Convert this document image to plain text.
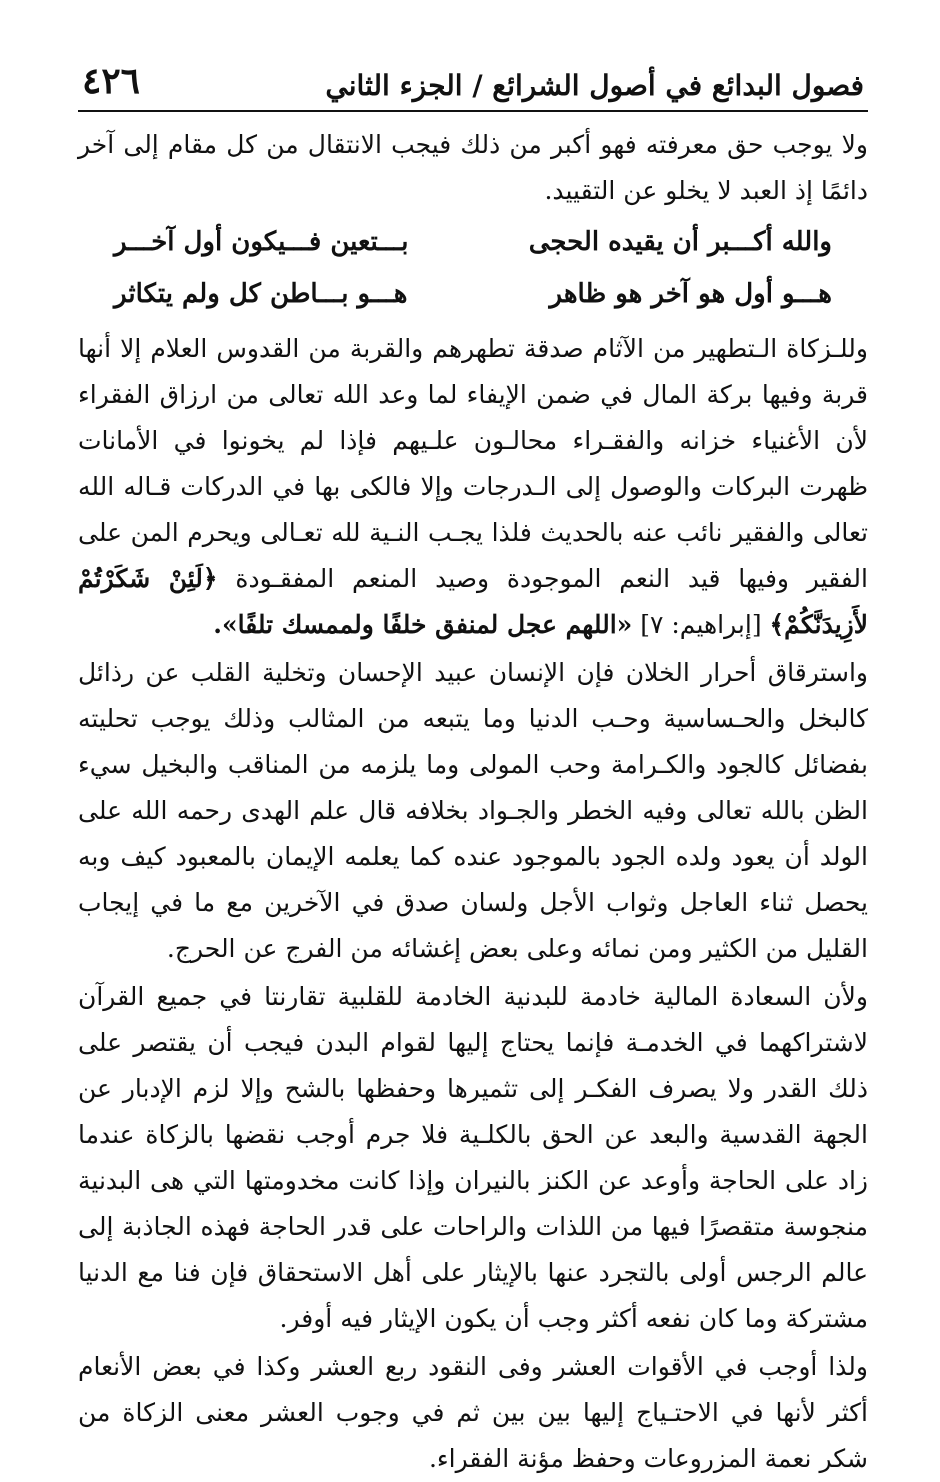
فصول البدائع في أصول الشرائع / الجزء الثاني
٤٢٦

ولا يوجب حق معرفته فهو أكبر من ذلك فيجب الانتقال من كل مقام إلى آخر دائمًا إذ العبد لا يخلو عن التقييد.

والله أكـــبر أن يقيده الحجى
بـــتعين فـــيكون أول آخـــر
هـــو أول هو آخر هو ظاهر
هـــو بـــاطن كل ولم يتكاثر

وللـزكاة الـتطهير من الآثام صدقة تطهرهم والقربة من القدوس العلام إلا أنها قربة وفيها بركة المال في ضمن الإيفاء لما وعد الله تعالى من ارزاق الفقراء لأن الأغنياء خزانه والفقـراء محالـون علـيهم فإذا لم يخونوا في الأمانات ظهرت البركات والوصول إلى الـدرجات وإلا فالكى بها في الدركات قـاله الله تعالى والفقير نائب عنه بالحديث فلذا يجـب النـية لله تعـالى ويحرم المن على الفقير وفيها قيد النعم الموجودة وصيد المنعم المفقـودة ﴿لَئِنْ شَكَرْتُمْ لأَزِيدَنَّكُمْ﴾ [إبراهيم: ٧] «اللهم عجل لمنفق خلفًا ولممسك تلفًا».

واسترقاق أحرار الخلان فإن الإنسان عبيد الإحسان وتخلية القلب عن رذائل كالبخل والحـساسية وحـب الدنيا وما يتبعه من المثالب وذلك يوجب تحليته بفضائل كالجود والكـرامة وحب المولى وما يلزمه من المناقب والبخيل سيء الظن بالله تعالى وفيه الخطر والجـواد بخلافه قال علم الهدى رحمه الله على الولد أن يعود ولده الجود بالموجود عنده كما يعلمه الإيمان بالمعبود كيف وبه يحصل ثناء العاجل وثواب الأجل ولسان صدق في الآخرين مع ما في إيجاب القليل من الكثير ومن نمائه وعلى بعض إغشائه من الفرج عن الحرج.

ولأن السعادة المالية خادمة للبدنية الخادمة للقلبية تقارنتا في جميع القرآن لاشتراكهما في الخدمـة فإنما يحتاج إليها لقوام البدن فيجب أن يقتصر على ذلك القدر ولا يصرف الفكـر إلى تثميرها وحفظها بالشح وإلا لزم الإدبار عن الجهة القدسية والبعد عن الحق بالكلـية فلا جرم أوجب نقضها بالزكاة عندما زاد على الحاجة وأوعد عن الكنز بالنيران وإذا كانت مخدومتها التي هى البدنية منجوسة متقصرًا فيها من اللذات والراحات على قدر الحاجة فهذه الجاذبة إلى عالم الرجس أولى بالتجرد عنها بالإيثار على أهل الاستحقاق فإن فنا مع الدنيا مشتركة وما كان نفعه أكثر وجب أن يكون الإيثار فيه أوفر.

ولذا أوجب في الأقوات العشر وفى النقود ربع العشر وكذا في بعض الأنعام أكثر لأنها في الاحتـياج إليها بين بين ثم في وجوب العشر معنى الزكاة من شكر نعمة المزروعات وحفظ مؤنة الفقراء.
